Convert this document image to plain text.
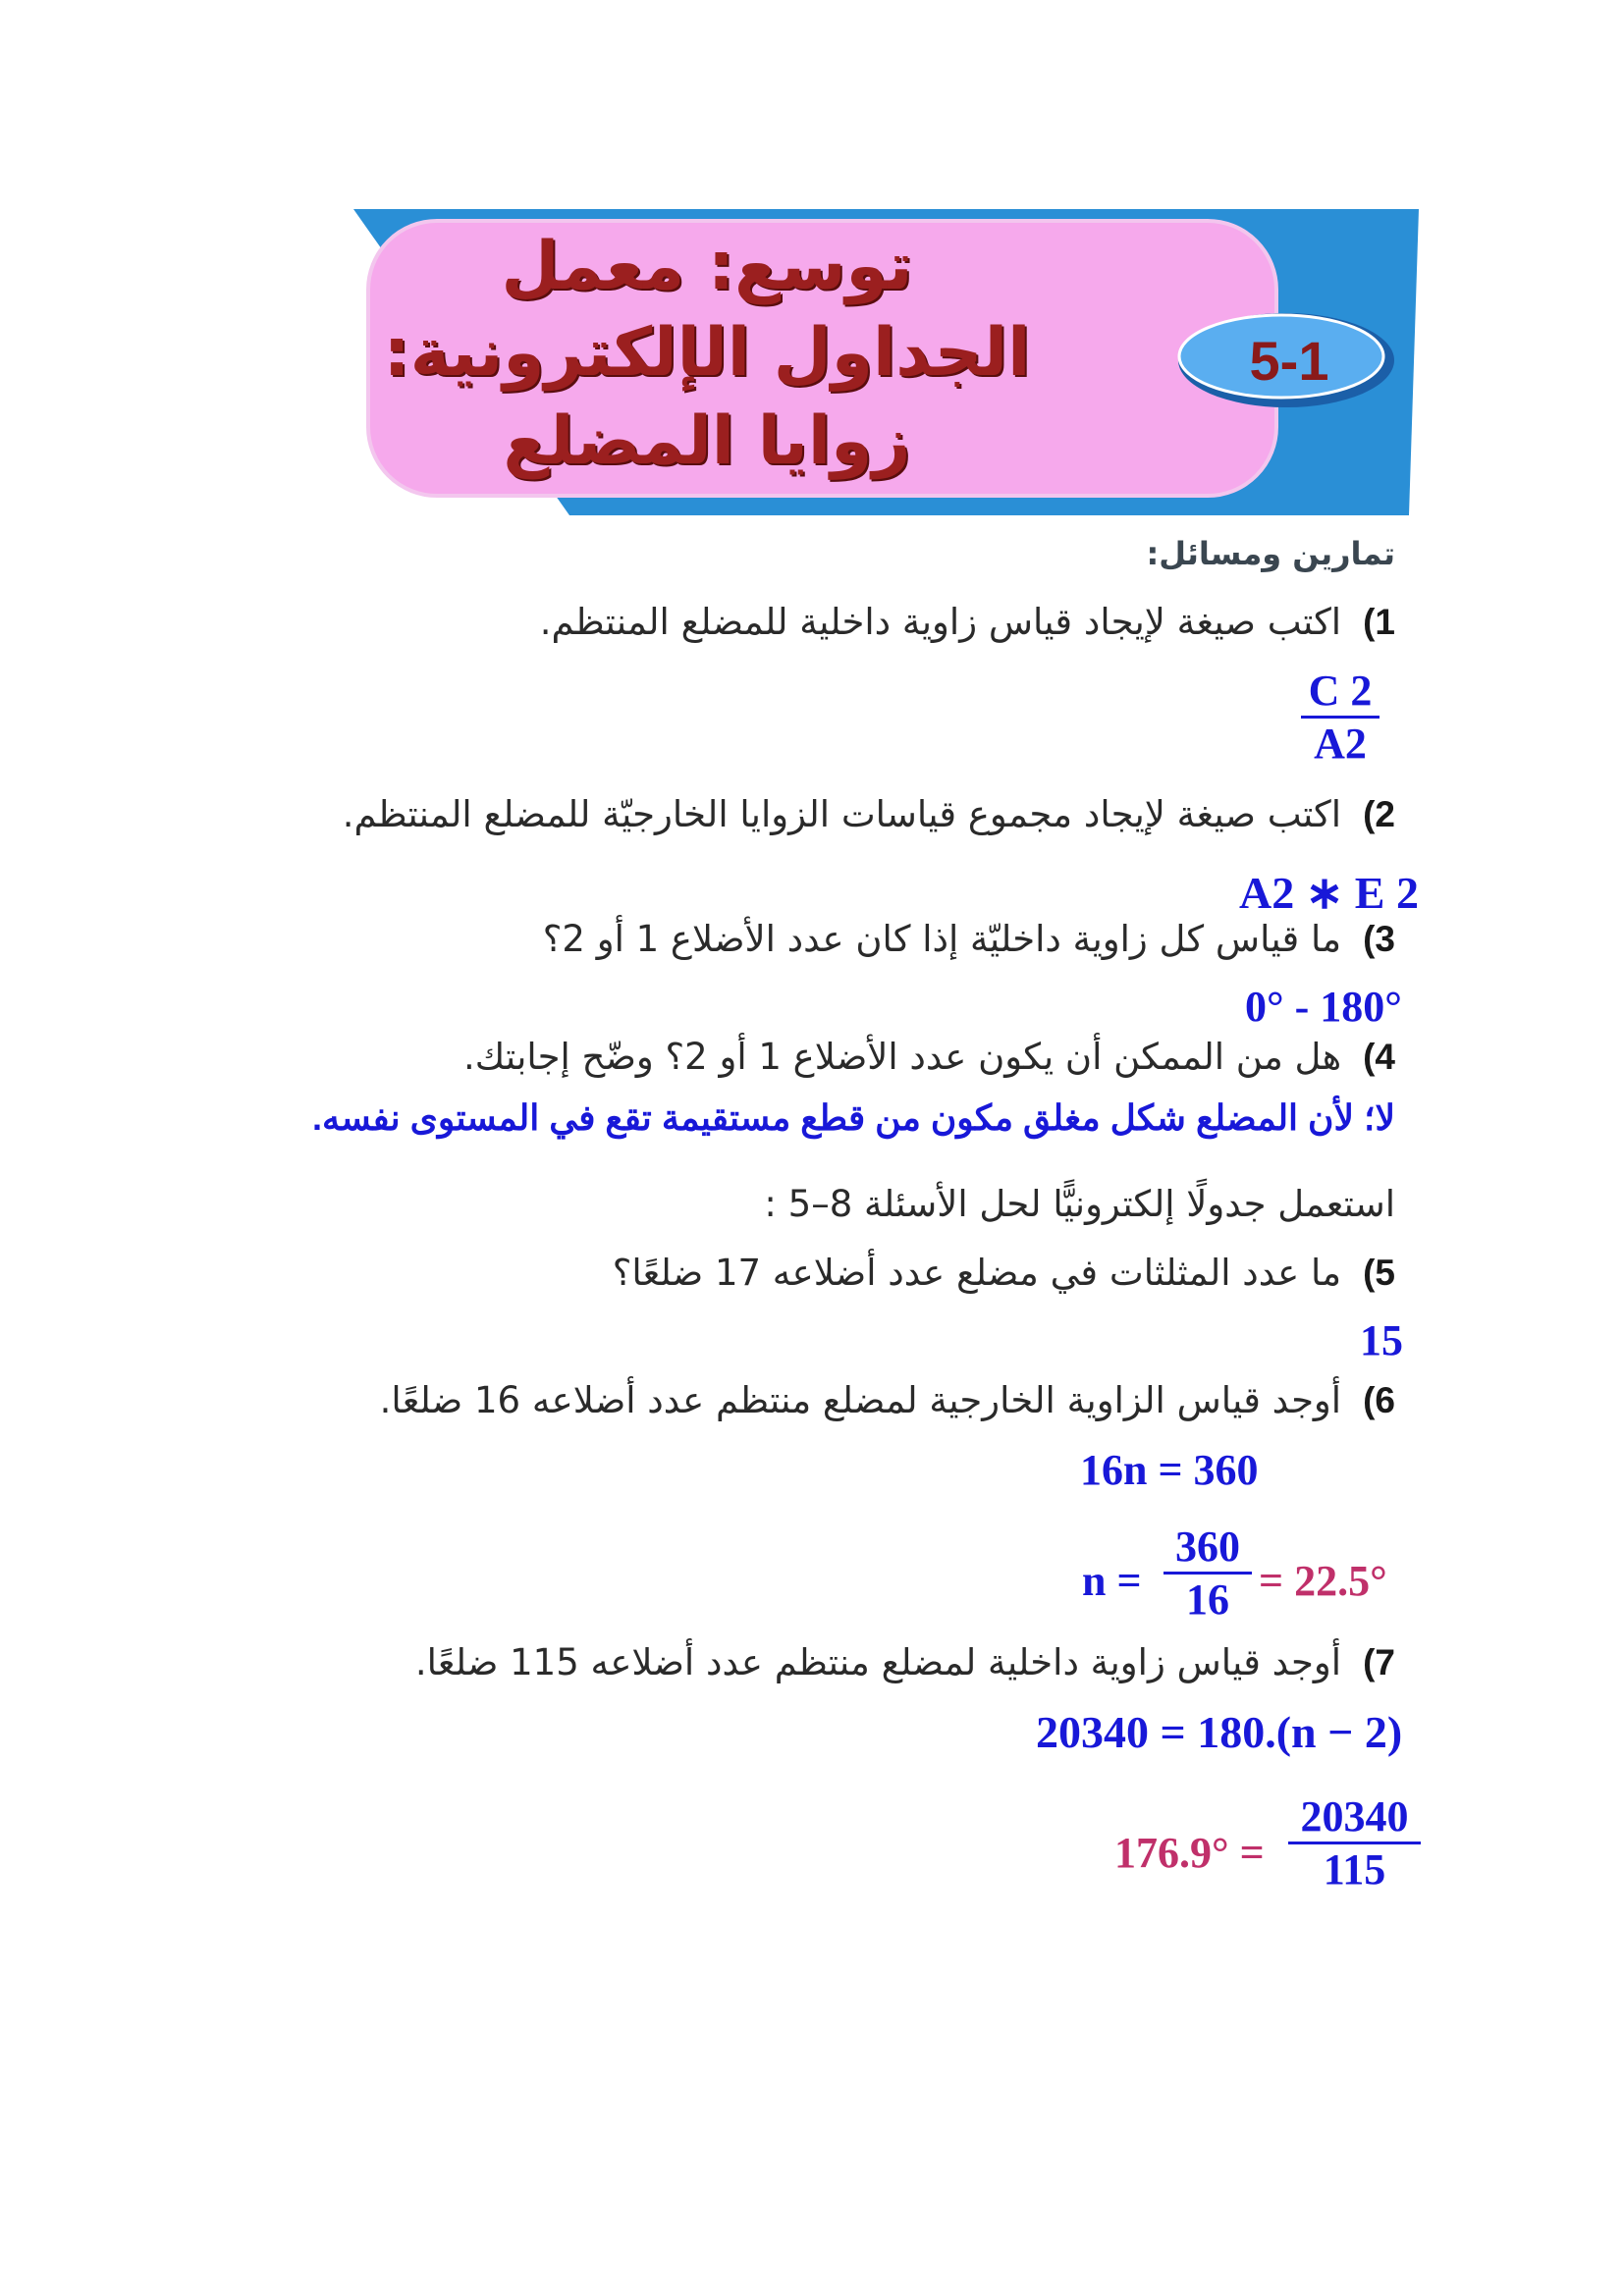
توسع: معمل
الجداول الإلكترونية:
زوايا المضلع
5-1
تمارين ومسائل:
1)اكتب صيغة لإيجاد قياس زاوية داخلية للمضلع المنتظم.
C 2
A2
2)اكتب صيغة لإيجاد مجموع قياسات الزوايا الخارجيّة للمضلع المنتظم.
A2 ∗ E 2
3)ما قياس كل زاوية داخليّة إذا كان عدد الأضلاع 1 أو 2؟
0° - 180°
4)هل من الممكن أن يكون عدد الأضلاع 1 أو 2؟ وضّح إجابتك.
لا؛ لأن المضلع شكل مغلق مكون من قطع مستقيمة تقع في المستوى نفسه.
استعمل جدولًا إلكترونيًّا لحل الأسئلة 8–5 :
5)ما عدد المثلثات في مضلع عدد أضلاعه 17 ضلعًا؟
15
6)أوجد قياس الزاوية الخارجية لمضلع منتظم عدد أضلاعه 16 ضلعًا.
16n = 360
n =
360
16 = 22.5°
7)أوجد قياس زاوية داخلية لمضلع منتظم عدد أضلاعه 115 ضلعًا.
20340 = 180.(n − 2)
176.9° =
20340
115
